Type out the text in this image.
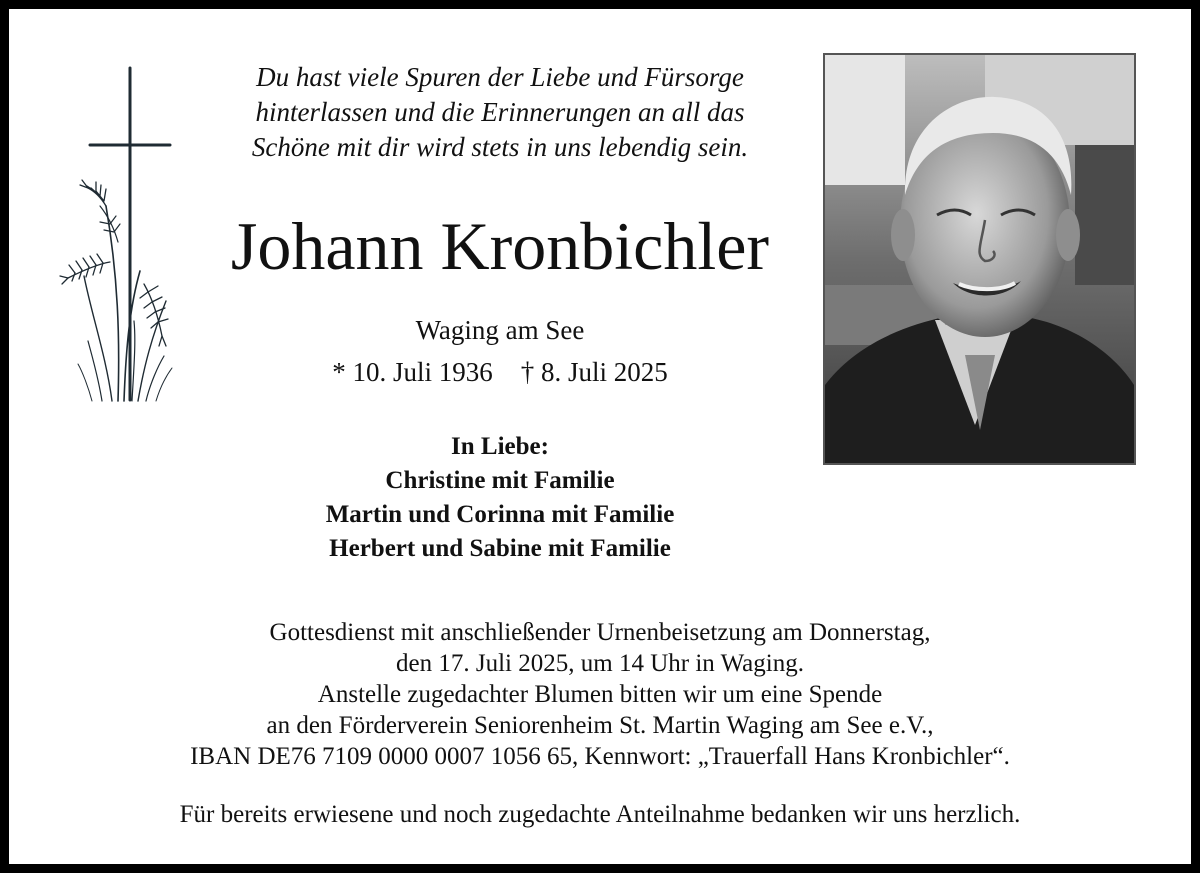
Du hast viele Spuren der Liebe und Fürsorge
hinterlassen und die Erinnerungen an all das
Schöne mit dir wird stets in uns lebendig sein.
Johann Kronbichler
Waging am See
* 10. Juli 1936 † 8. Juli 2025
In Liebe:
Christine mit Familie
Martin und Corinna mit Familie
Herbert und Sabine mit Familie
Gottesdienst mit anschließender Urnenbeisetzung am Donnerstag,
den 17. Juli 2025, um 14 Uhr in Waging.
Anstelle zugedachter Blumen bitten wir um eine Spende
an den Förderverein Seniorenheim St. Martin Waging am See e.V.,
IBAN DE76 7109 0000 0007 1056 65, Kennwort: „Trauerfall Hans Kronbichler“.
Für bereits erwiesene und noch zugedachte Anteilnahme bedanken wir uns herzlich.
